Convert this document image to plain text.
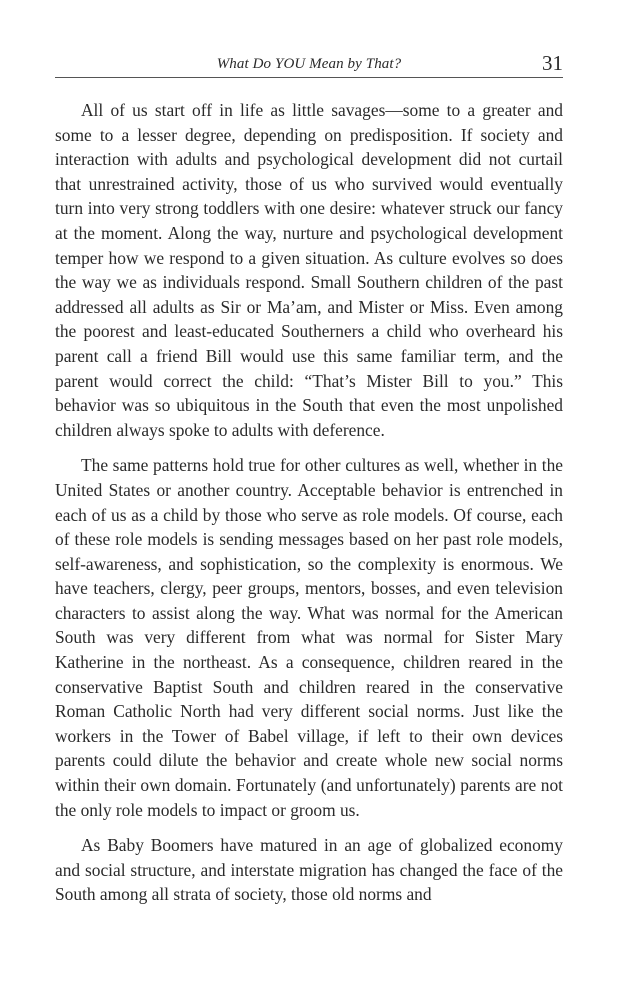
What Do YOU Mean by That?	31

All of us start off in life as little savages—some to a greater and some to a lesser degree, depending on predisposition. If society and interaction with adults and psychological development did not curtail that unrestrained activity, those of us who survived would eventually turn into very strong toddlers with one desire: whatever struck our fancy at the moment. Along the way, nurture and psychological development temper how we respond to a given situation. As culture evolves so does the way we as individuals respond. Small Southern children of the past addressed all adults as Sir or Ma’am, and Mister or Miss. Even among the poorest and least-educated Southerners a child who overheard his parent call a friend Bill would use this same familiar term, and the parent would correct the child: “That’s Mister Bill to you.” This behavior was so ubiquitous in the South that even the most unpolished children always spoke to adults with deference.

The same patterns hold true for other cultures as well, whether in the United States or another country. Acceptable behavior is entrenched in each of us as a child by those who serve as role models. Of course, each of these role models is sending messages based on her past role models, self-awareness, and sophistication, so the complexity is enormous. We have teachers, clergy, peer groups, mentors, bosses, and even television characters to assist along the way. What was normal for the American South was very different from what was normal for Sister Mary Katherine in the northeast. As a consequence, children reared in the conservative Baptist South and children reared in the conservative Roman Catholic North had very different social norms. Just like the workers in the Tower of Babel village, if left to their own devices parents could dilute the behavior and create whole new social norms within their own domain. Fortunately (and unfortunately) parents are not the only role models to impact or groom us.

As Baby Boomers have matured in an age of globalized economy and social structure, and interstate migration has changed the face of the South among all strata of society, those old norms and
